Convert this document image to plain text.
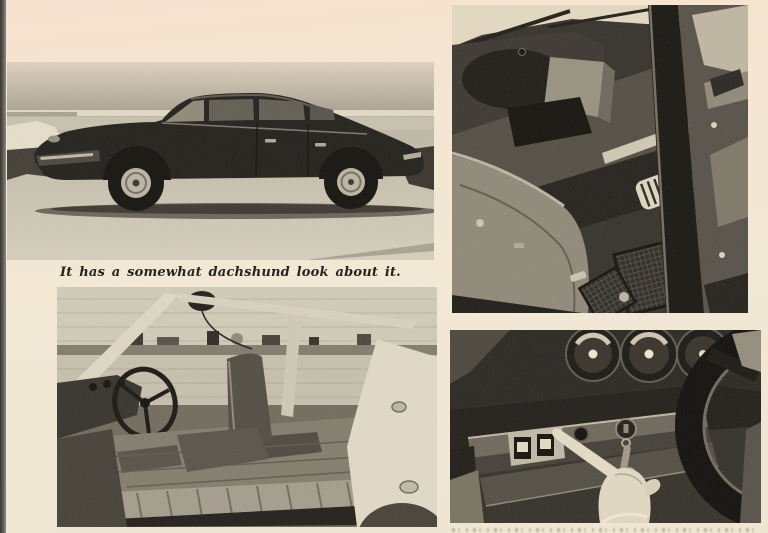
It has a somewhat dachshund look about it.
